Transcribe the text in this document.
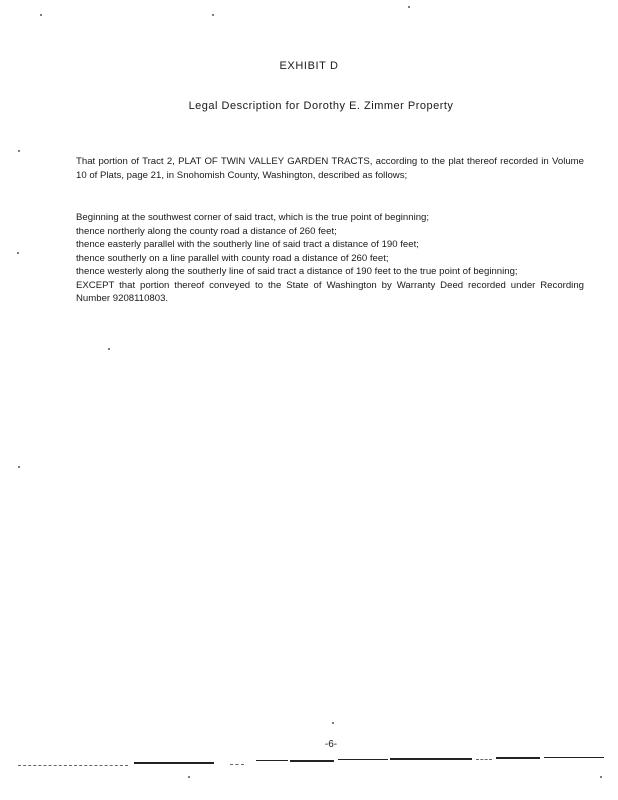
EXHIBIT D
Legal Description for Dorothy E. Zimmer Property

That portion of Tract 2, PLAT OF TWIN VALLEY GARDEN TRACTS, according to the plat thereof recorded in Volume 10 of Plats, page 21, in Snohomish County, Washington, described as follows;

Beginning at the southwest corner of said tract, which is the true point of beginning;
thence northerly along the county road a distance of 260 feet;
thence easterly parallel with the southerly line of said tract a distance of 190 feet;
thence southerly on a line parallel with county road a distance of 260 feet;
thence westerly along the southerly line of said tract a distance of 190 feet to the true point of beginning;
EXCEPT that portion thereof conveyed to the State of Washington by Warranty Deed recorded under Recording Number 9208110803.
-6-
